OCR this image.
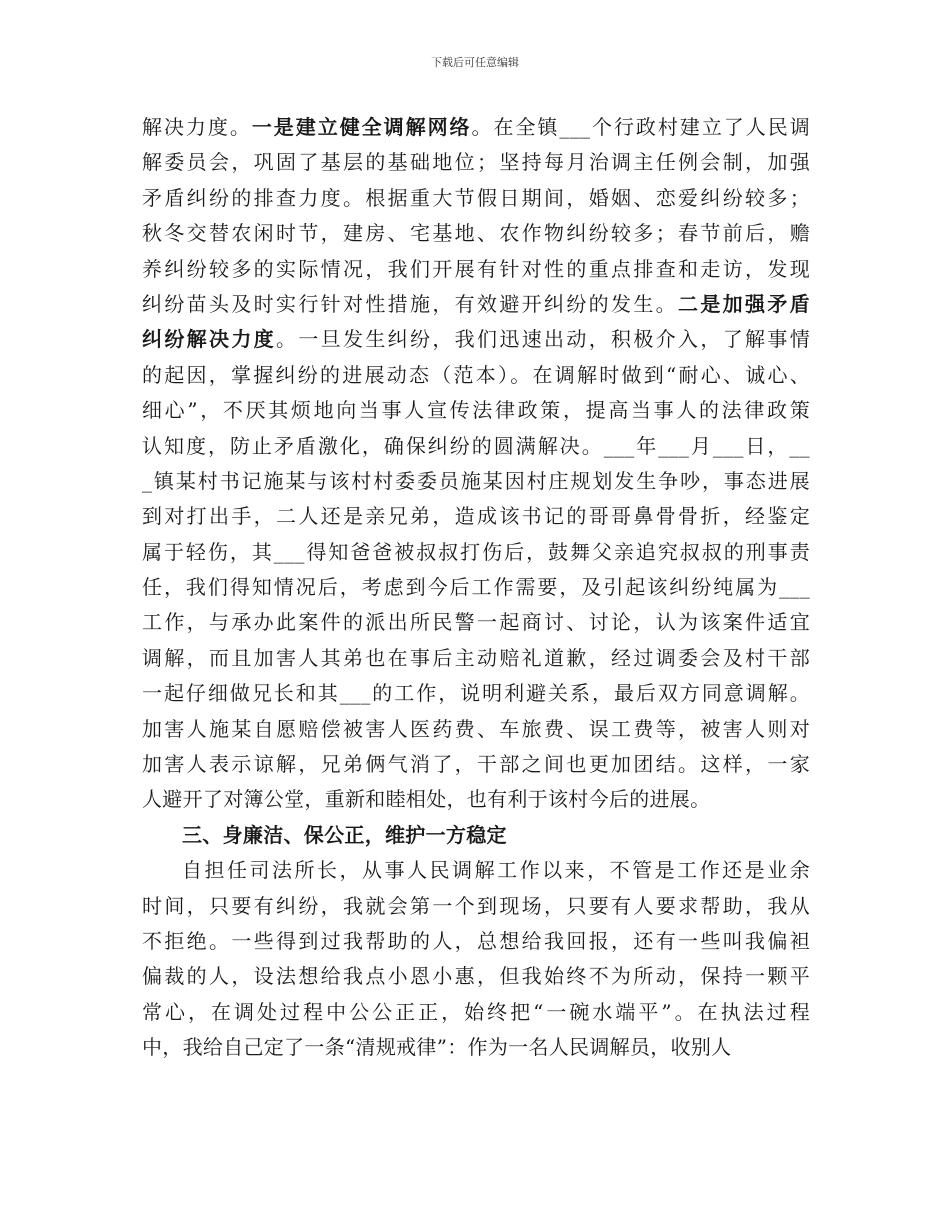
下载后可任意编辑
解决力度。一是建立健全调解网络。在全镇___个行政村建立了人民调
解委员会，巩固了基层的基础地位；坚持每月治调主任例会制，加强
矛盾纠纷的排查力度。根据重大节假日期间，婚姻、恋爱纠纷较多；
秋冬交替农闲时节，建房、宅基地、农作物纠纷较多；春节前后，赡
养纠纷较多的实际情况，我们开展有针对性的重点排查和走访，发现
纠纷苗头及时实行针对性措施，有效避开纠纷的发生。二是加强矛盾
纠纷解决力度。一旦发生纠纷，我们迅速出动，积极介入，了解事情
的起因，掌握纠纷的进展动态（范本）。在调解时做到“耐心、诚心、
细心”，不厌其烦地向当事人宣传法律政策，提高当事人的法律政策
认知度，防止矛盾激化，确保纠纷的圆满解决。___年___月___日，__
_镇某村书记施某与该村村委委员施某因村庄规划发生争吵，事态进展
到对打出手，二人还是亲兄弟，造成该书记的哥哥鼻骨骨折，经鉴定
属于轻伤，其___得知爸爸被叔叔打伤后，鼓舞父亲追究叔叔的刑事责
任，我们得知情况后，考虑到今后工作需要，及引起该纠纷纯属为___
工作，与承办此案件的派出所民警一起商讨、讨论，认为该案件适宜
调解，而且加害人其弟也在事后主动赔礼道歉，经过调委会及村干部
一起仔细做兄长和其___的工作，说明利避关系，最后双方同意调解。
加害人施某自愿赔偿被害人医药费、车旅费、误工费等，被害人则对
加害人表示谅解，兄弟俩气消了，干部之间也更加团结。这样，一家
人避开了对簿公堂，重新和睦相处，也有利于该村今后的进展。
三、身廉洁、保公正，维护一方稳定
自担任司法所长，从事人民调解工作以来，不管是工作还是业余
时间，只要有纠纷，我就会第一个到现场，只要有人要求帮助，我从
不拒绝。一些得到过我帮助的人，总想给我回报，还有一些叫我偏袒
偏裁的人，设法想给我点小恩小惠，但我始终不为所动，保持一颗平
常心，在调处过程中公公正正，始终把“一碗水端平”。在执法过程
中，我给自己定了一条“清规戒律”：作为一名人民调解员，收别人
